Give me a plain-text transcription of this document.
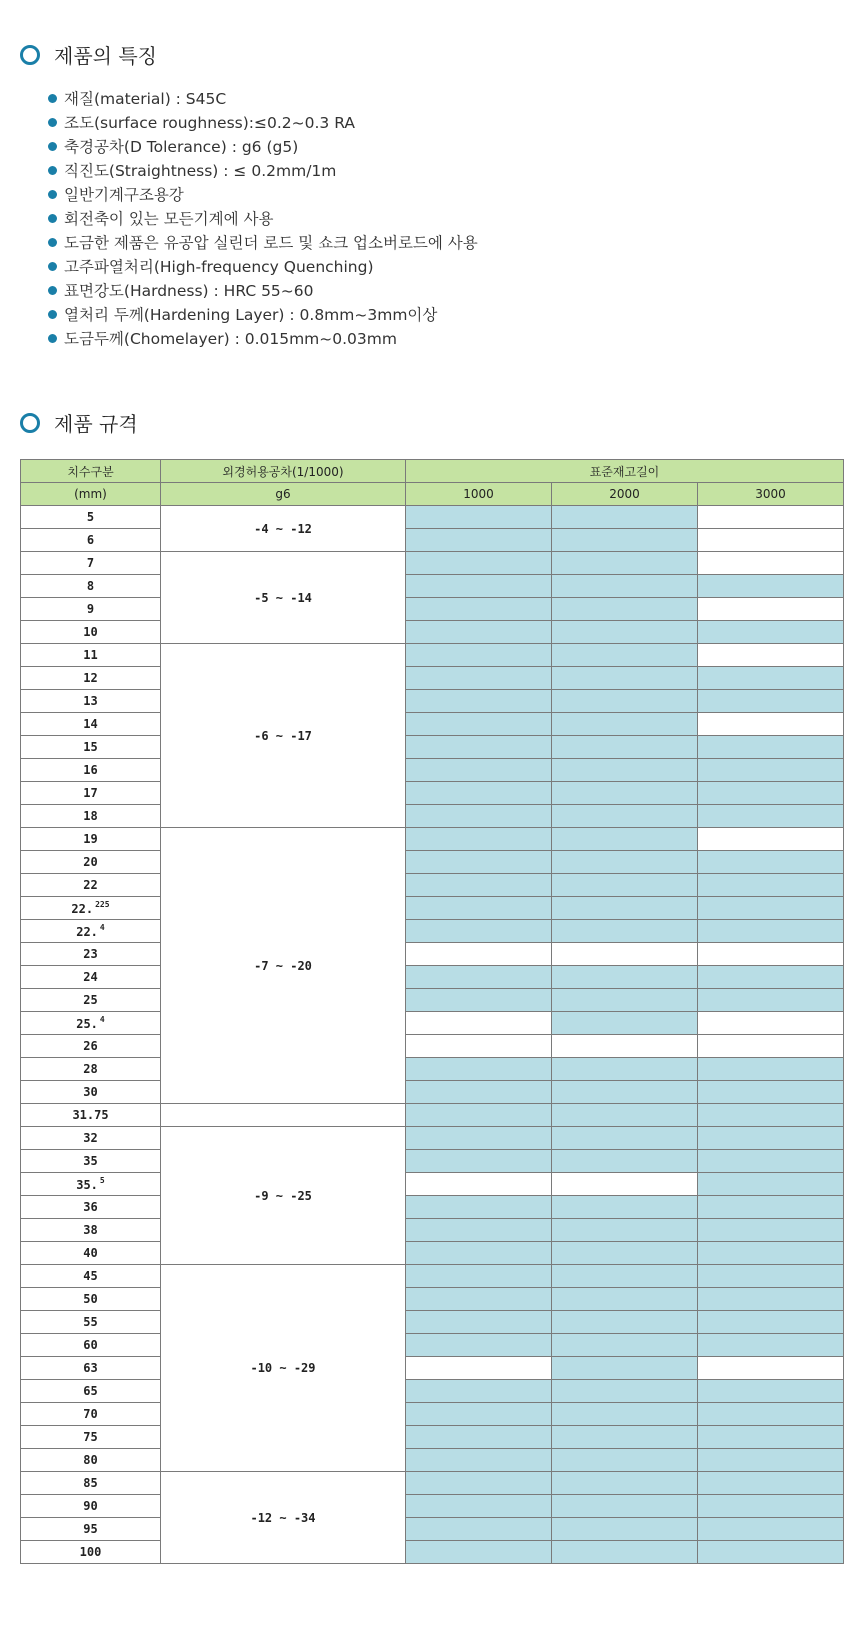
제품의 특징
재질(material) : S45C
조도(surface roughness):≤0.2~0.3 RA
축경공차(D Tolerance) : g6 (g5)
직진도(Straightness) : ≤ 0.2mm/1m
일반기계구조용강
회전축이 있는 모든기계에 사용
도금한 제품은 유공압 실린더 로드 및 쇼크 업소버로드에 사용
고주파열처리(High-frequency Quenching)
표면강도(Hardness) : HRC 55~60
열처리 두께(Hardening Layer) : 0.8mm~3mm이상
도금두께(Chomelayer) : 0.015mm~0.03mm
제품 규격
치수구분	외경허용공차(1/1000)	표준재고길이		
(mm)	g6	1000	2000	3000
5	-4 ~ -12			
6				
7	-5 ~ -14			
8				
9				
10				
11	-6 ~ -17			
12				
13				
14				
15				
16				
17				
18				
19	-7 ~ -20			
20				
22				
22. $^{225}$			
22. $^4$			
23				
24				
25				
25. $^4$			
26				
28				
30				
31.75				
32	-9 ~ -25			
35				
35. $^5$			
36				
38				
40				
45	-10 ~ -29			
50				
55				
60				
63				
65				
70				
75				
80				
85	-12 ~ -34			
90				
95				
100				
